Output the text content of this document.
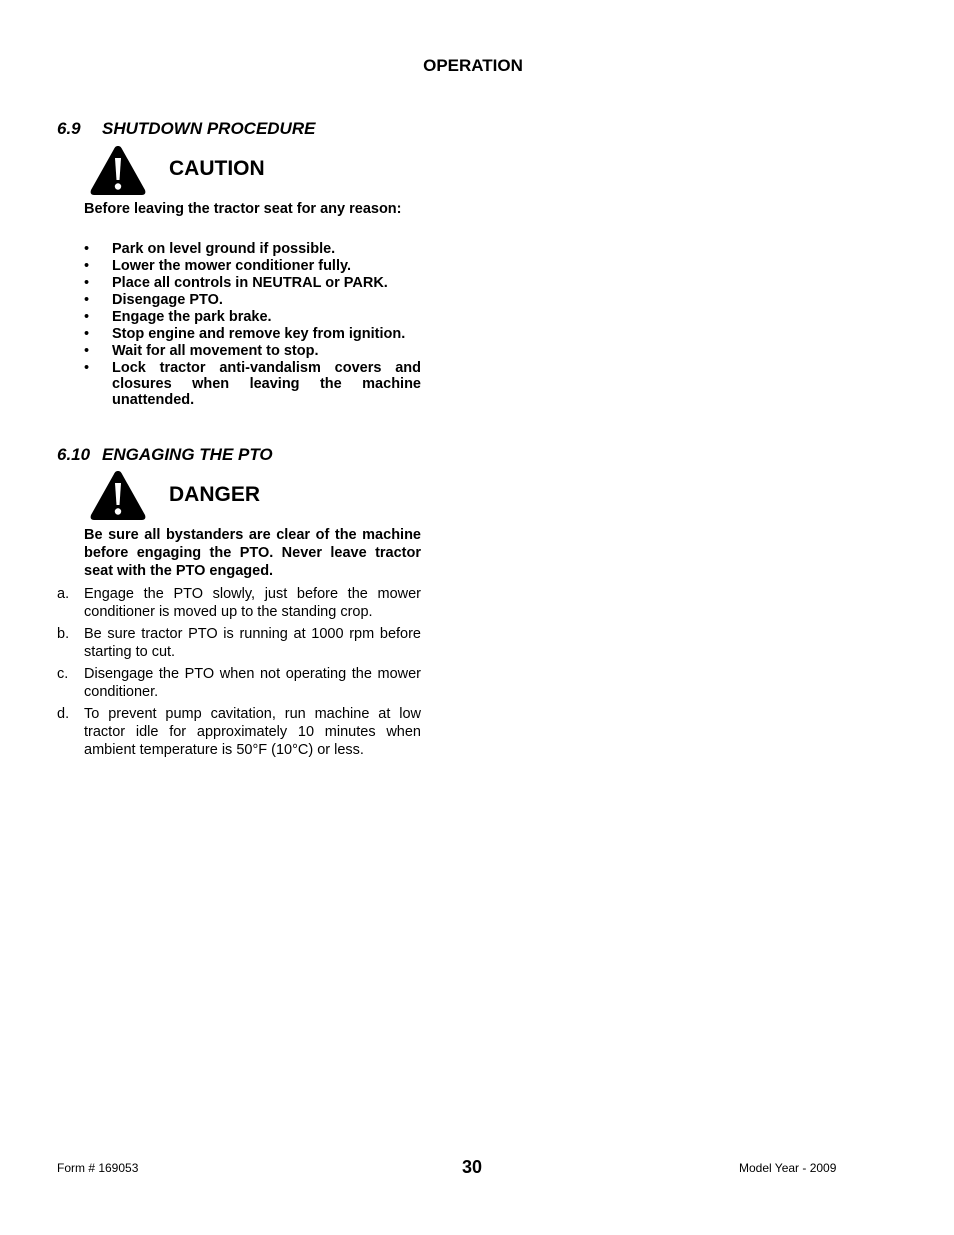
OPERATION
6.9 SHUTDOWN PROCEDURE
CAUTION
Before leaving the tractor seat for any reason:
•	Park on level ground if possible.
•	Lower the mower conditioner fully.
•	Place all controls in NEUTRAL or PARK.
•	Disengage PTO.
•	Engage the park brake.
•	Stop engine and remove key from ignition.
•	Wait for all movement to stop.
•	Lock tractor anti-vandalism covers and closures when leaving the machine unattended.
6.10 ENGAGING THE PTO
DANGER
Be sure all bystanders are clear of the machine before engaging the PTO. Never leave tractor seat with the PTO engaged.
a. Engage the PTO slowly, just before the mower conditioner is moved up to the standing crop.
b. Be sure tractor PTO is running at 1000 rpm before starting to cut.
c. Disengage the PTO when not operating the mower conditioner.
d. To prevent pump cavitation, run machine at low tractor idle for approximately 10 minutes when ambient temperature is 50°F (10°C) or less.
Form # 169053	30	Model Year - 2009
